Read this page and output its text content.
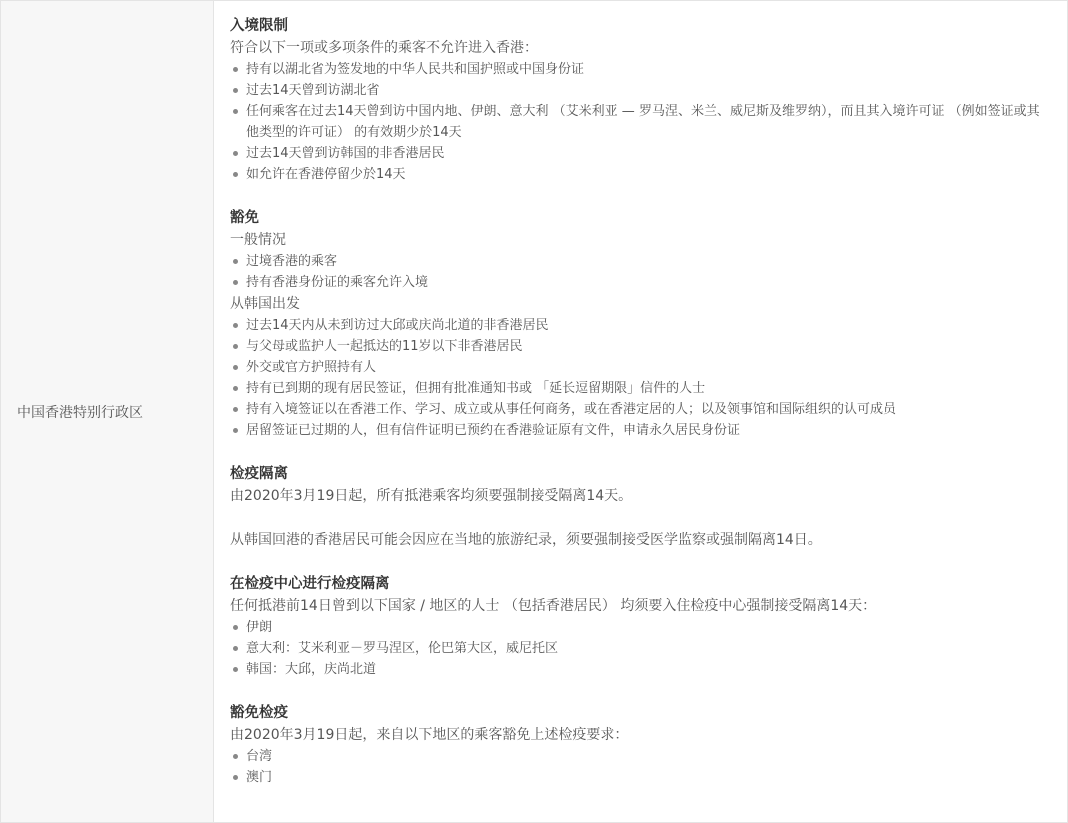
中国香港特别行政区
入境限制
符合以下一项或多项条件的乘客不允许进入香港：
持有以湖北省为签发地的中华人民共和国护照或中国身份证
过去14天曾到访湖北省
任何乘客在过去14天曾到访中国内地、伊朗、意大利 （艾米利亚 — 罗马涅、米兰、威尼斯及维罗纳），而且其入境许可证 （例如签证或其他类型的许可证） 的有效期少於14天
过去14天曾到访韩国的非香港居民
如允许在香港停留少於14天
豁免
一般情况
过境香港的乘客
持有香港身份证的乘客允许入境
从韩国出发
过去14天内从未到访过大邱或庆尚北道的非香港居民
与父母或监护人一起抵达的11岁以下非香港居民
外交或官方护照持有人
持有已到期的现有居民签证，但拥有批准通知书或 「延长逗留期限」信件的人士
持有入境签证以在香港工作、学习、成立或从事任何商务，或在香港定居的人；以及领事馆和国际组织的认可成员
居留签证已过期的人，但有信件证明已预约在香港验证原有文件，申请永久居民身份证
检疫隔离
由2020年3月19日起，所有抵港乘客均须要强制接受隔离14天。
从韩国回港的香港居民可能会因应在当地的旅游纪录，须要强制接受医学监察或强制隔离14日。
在检疫中心进行检疫隔离
任何抵港前14日曾到以下国家 / 地区的人士 （包括香港居民） 均须要入住检疫中心强制接受隔离14天：
伊朗
意大利：艾米利亚－罗马涅区，伦巴第大区，威尼托区
韩国：大邱，庆尚北道
豁免检疫
由2020年3月19日起，来自以下地区的乘客豁免上述检疫要求：
台湾
澳门
